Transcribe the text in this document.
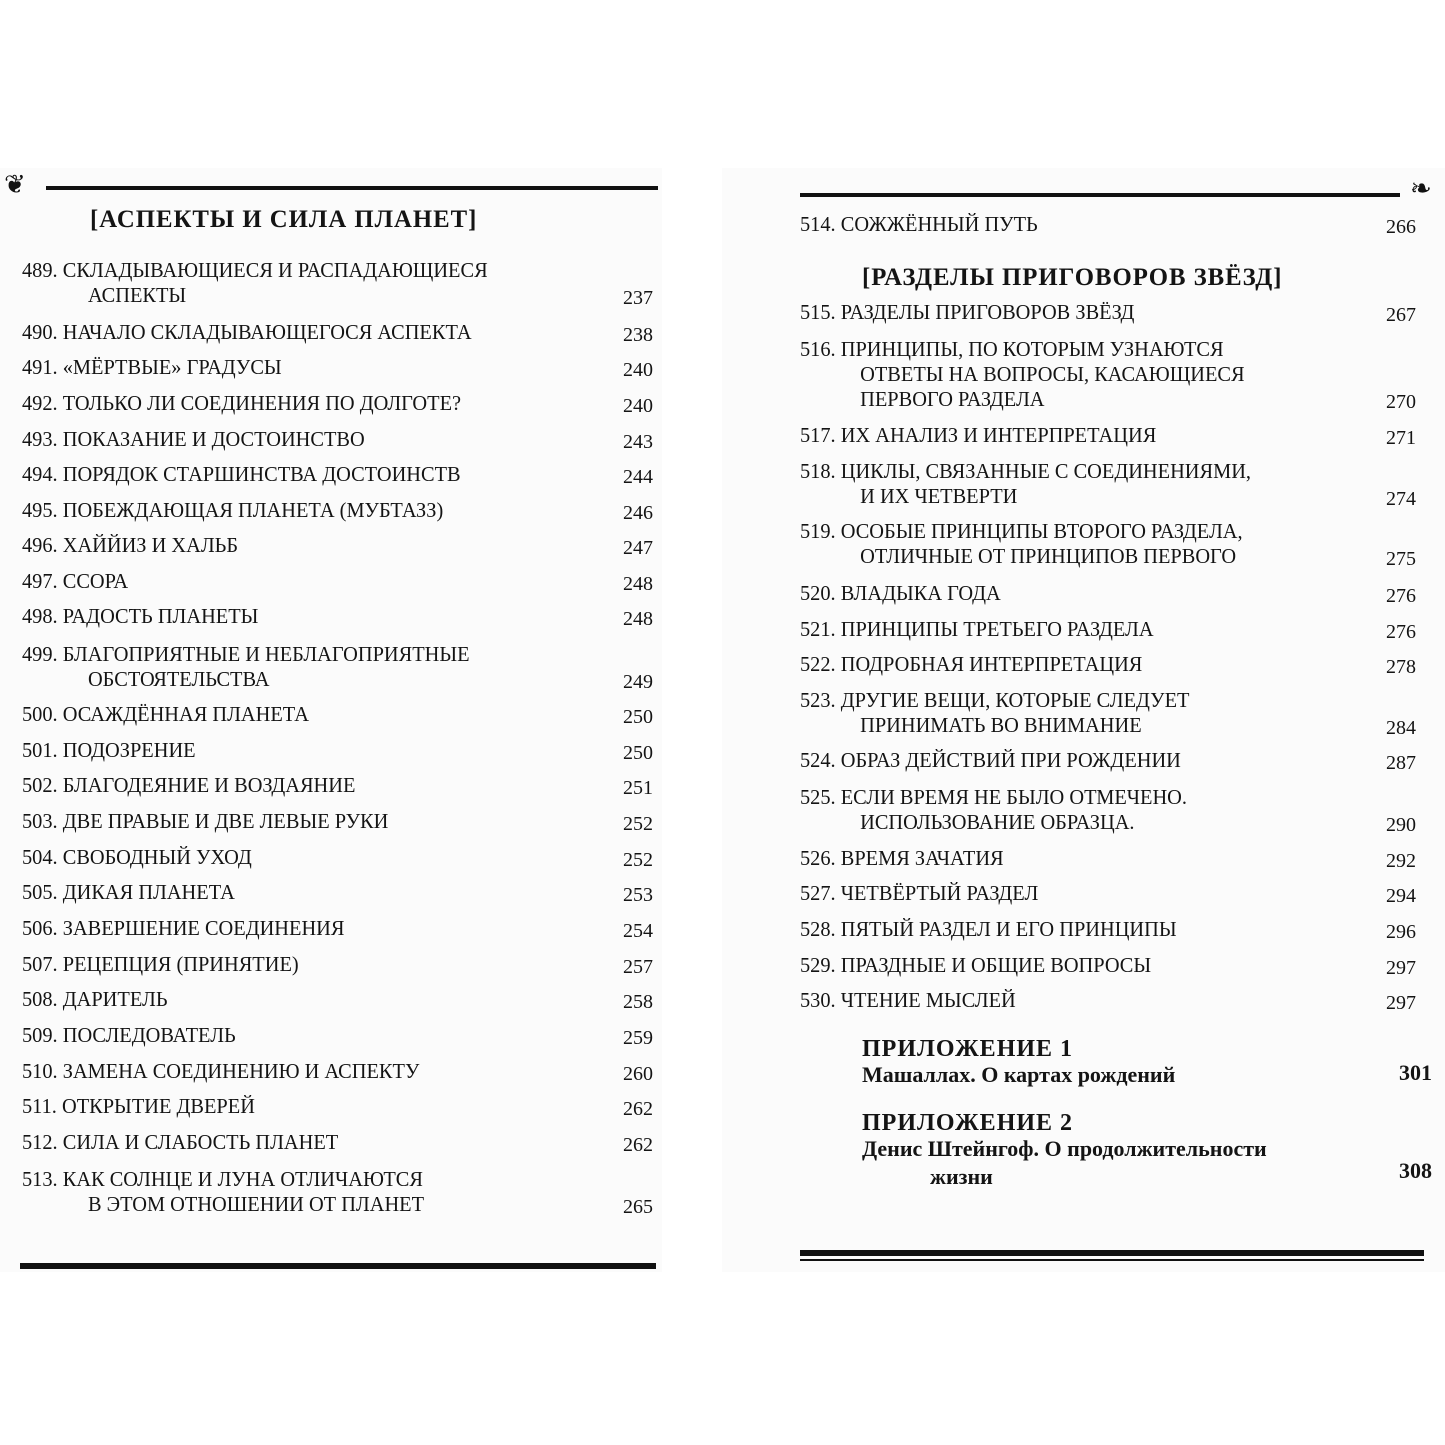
❦	❧
[АСПЕКТЫ И СИЛА ПЛАНЕТ]
489. СКЛАДЫВАЮЩИЕСЯ И РАСПАДАЮЩИЕСЯ
АСПЕКТЫ	237
490. НАЧАЛО СКЛАДЫВАЮЩЕГОСЯ АСПЕКТА	238
491. «МЁРТВЫЕ» ГРАДУСЫ	240
492. ТОЛЬКО ЛИ СОЕДИНЕНИЯ ПО ДОЛГОТЕ?	240
493. ПОКАЗАНИЕ И ДОСТОИНСТВО	243
494. ПОРЯДОК СТАРШИНСТВА ДОСТОИНСТВ	244
495. ПОБЕЖДАЮЩАЯ ПЛАНЕТА (МУБТАЗЗ)	246
496. ХАЙЙИЗ И ХАЛЬБ	247
497. ССОРА	248
498. РАДОСТЬ ПЛАНЕТЫ	248
499. БЛАГОПРИЯТНЫЕ И НЕБЛАГОПРИЯТНЫЕ
ОБСТОЯТЕЛЬСТВА	249
500. ОСАЖДЁННАЯ ПЛАНЕТА	250
501. ПОДОЗРЕНИЕ	250
502. БЛАГОДЕЯНИЕ И ВОЗДАЯНИЕ	251
503. ДВЕ ПРАВЫЕ И ДВЕ ЛЕВЫЕ РУКИ	252
504. СВОБОДНЫЙ УХОД	252
505. ДИКАЯ ПЛАНЕТА	253
506. ЗАВЕРШЕНИЕ СОЕДИНЕНИЯ	254
507. РЕЦЕПЦИЯ (ПРИНЯТИЕ)	257
508. ДАРИТЕЛЬ	258
509. ПОСЛЕДОВАТЕЛЬ	259
510. ЗАМЕНА СОЕДИНЕНИЮ И АСПЕКТУ	260
511. ОТКРЫТИЕ ДВЕРЕЙ	262
512. СИЛА И СЛАБОСТЬ ПЛАНЕТ	262
513. КАК СОЛНЦЕ И ЛУНА ОТЛИЧАЮТСЯ
В ЭТОМ ОТНОШЕНИИ ОТ ПЛАНЕТ	265
514. СОЖЖЁННЫЙ ПУТЬ	266
[РАЗДЕЛЫ ПРИГОВОРОВ ЗВЁЗД]
515. РАЗДЕЛЫ ПРИГОВОРОВ ЗВЁЗД	267
516. ПРИНЦИПЫ, ПО КОТОРЫМ УЗНАЮТСЯ
ОТВЕТЫ НА ВОПРОСЫ, КАСАЮЩИЕСЯ
ПЕРВОГО РАЗДЕЛА	270
517. ИХ АНАЛИЗ И ИНТЕРПРЕТАЦИЯ	271
518. ЦИКЛЫ, СВЯЗАННЫЕ С СОЕДИНЕНИЯМИ,
И ИХ ЧЕТВЕРТИ	274
519. ОСОБЫЕ ПРИНЦИПЫ ВТОРОГО РАЗДЕЛА,
ОТЛИЧНЫЕ ОТ ПРИНЦИПОВ ПЕРВОГО	275
520. ВЛАДЫКА ГОДА	276
521. ПРИНЦИПЫ ТРЕТЬЕГО РАЗДЕЛА	276
522. ПОДРОБНАЯ ИНТЕРПРЕТАЦИЯ	278
523. ДРУГИЕ ВЕЩИ, КОТОРЫЕ СЛЕДУЕТ
ПРИНИМАТЬ ВО ВНИМАНИЕ	284
524. ОБРАЗ ДЕЙСТВИЙ ПРИ РОЖДЕНИИ	287
525. ЕСЛИ ВРЕМЯ НЕ БЫЛО ОТМЕЧЕНО.
ИСПОЛЬЗОВАНИЕ ОБРАЗЦА.	290
526. ВРЕМЯ ЗАЧАТИЯ	292
527. ЧЕТВЁРТЫЙ РАЗДЕЛ	294
528. ПЯТЫЙ РАЗДЕЛ И ЕГО ПРИНЦИПЫ	296
529. ПРАЗДНЫЕ И ОБЩИЕ ВОПРОСЫ	297
530. ЧТЕНИЕ МЫСЛЕЙ	297
ПРИЛОЖЕНИЕ 1
Машаллах. О картах рождений	301
ПРИЛОЖЕНИЕ 2
Денис Штейнгоф. О продолжительности
жизни	308
